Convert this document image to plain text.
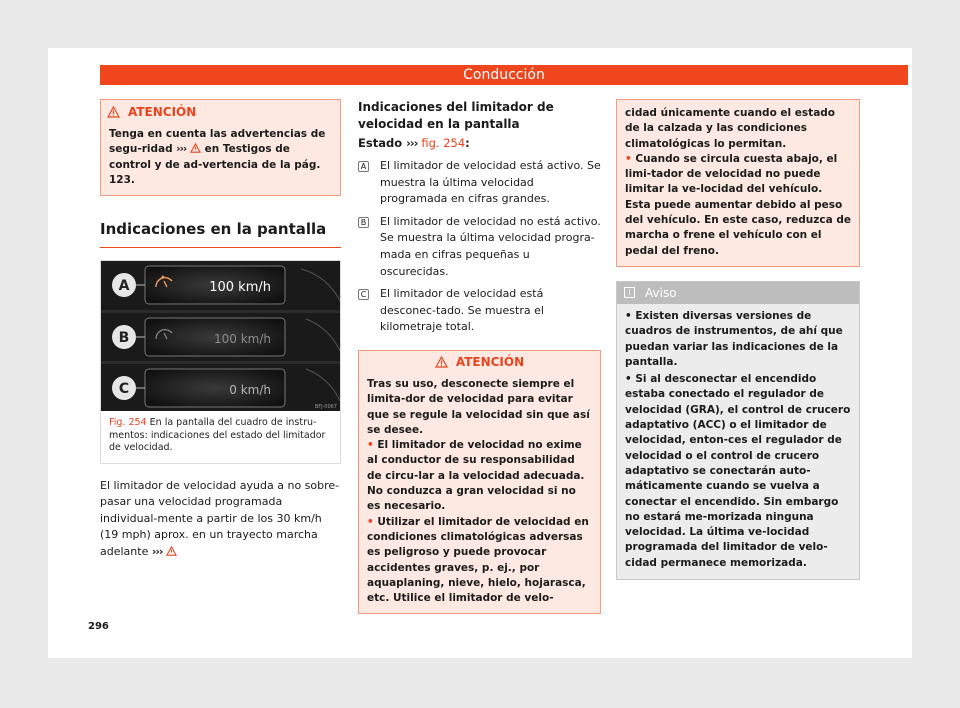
Conducción
ATENCIÓN
Tenga en cuenta las advertencias de segu-ridad ››› en Testigos de control y de ad-vertencia de la pág. 123.
Indicaciones en la pantalla
A
B
C
100 km/h
100 km/h
0 km/h
BFJ-0067
Fig. 254 En la pantalla del cuadro de instru-mentos: indicaciones del estado del limitador de velocidad.
El limitador de velocidad ayuda a no sobre-pasar una velocidad programada individual-mente a partir de los 30 km/h (19 mph) aprox. en un trayecto marcha adelante ›››
Indicaciones del limitador de velocidad en la pantalla
Estado ››› fig. 254:
A	El limitador de velocidad está activo. Se muestra la última velocidad programada en cifras grandes.
B	El limitador de velocidad no está activo. Se muestra la última velocidad progra-mada en cifras pequeñas u oscurecidas.
C	El limitador de velocidad está desconec-tado. Se muestra el kilometraje total.
ATENCIÓN
Tras su uso, desconecte siempre el limita-dor de velocidad para evitar que se regule la velocidad sin que así se desee.
• El limitador de velocidad no exime al conductor de su responsabilidad de circu-lar a la velocidad adecuada. No conduzca a gran velocidad si no es necesario.
• Utilizar el limitador de velocidad en condiciones climatológicas adversas es peligroso y puede provocar accidentes graves, p. ej., por aquaplaning, nieve, hielo, hojarasca, etc. Utilice el limitador de velo-
cidad únicamente cuando el estado de la calzada y las condiciones climatológicas lo permitan.
• Cuando se circula cuesta abajo, el limi-tador de velocidad no puede limitar la ve-locidad del vehículo. Esta puede aumentar debido al peso del vehículo. En este caso, reduzca de marcha o frene el vehículo con el pedal del freno.
i	Aviso
• Existen diversas versiones de cuadros de instrumentos, de ahí que puedan variar las indicaciones de la pantalla.
• Si al desconectar el encendido estaba conectado el regulador de velocidad (GRA), el control de crucero adaptativo (ACC) o el limitador de velocidad, enton-ces el regulador de velocidad o el control de crucero adaptativo se conectarán auto-máticamente cuando se vuelva a conectar el encendido. Sin embargo no estará me-morizada ninguna velocidad. La última ve-locidad programada del limitador de velo-cidad permanece memorizada.
296
